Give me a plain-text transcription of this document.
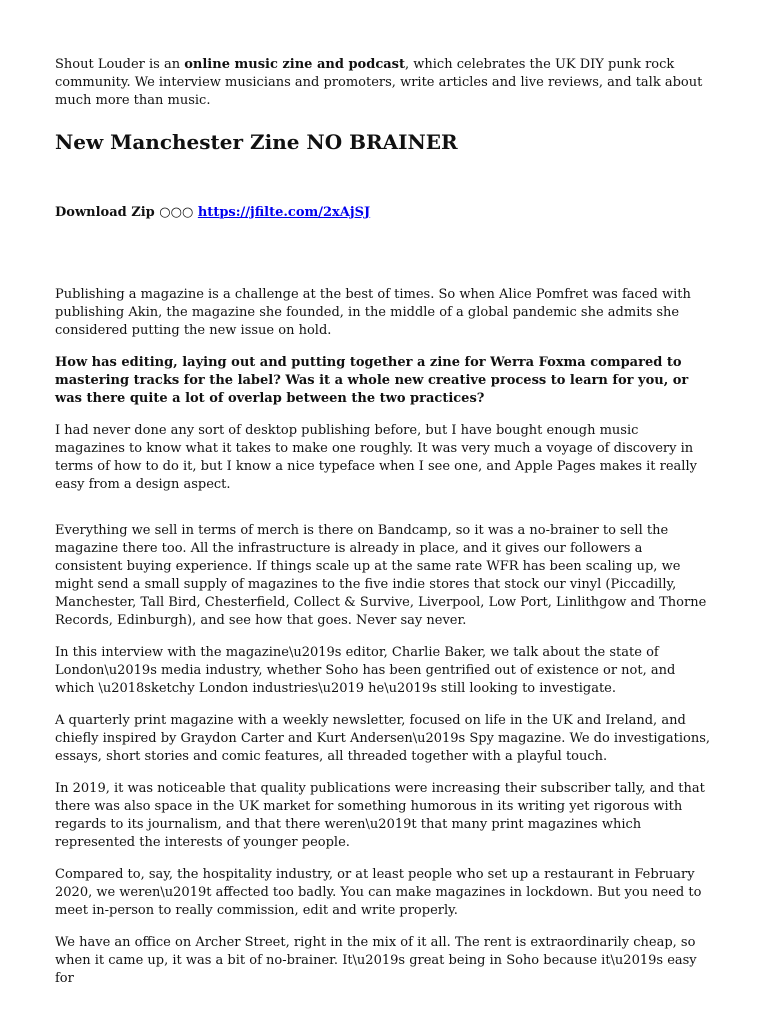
Shout Louder is an online music zine and podcast, which celebrates the UK DIY punk rock community. We interview musicians and promoters, write articles and live reviews, and talk about much more than music.

New Manchester Zine NO BRAINER

Download Zip ○○○ https://jfilte.com/2xAjSJ

Publishing a magazine is a challenge at the best of times. So when Alice Pomfret was faced with publishing Akin, the magazine she founded, in the middle of a global pandemic she admits she considered putting the new issue on hold.

How has editing, laying out and putting together a zine for Werra Foxma compared to mastering tracks for the label? Was it a whole new creative process to learn for you, or was there quite a lot of overlap between the two practices?

I had never done any sort of desktop publishing before, but I have bought enough music magazines to know what it takes to make one roughly. It was very much a voyage of discovery in terms of how to do it, but I know a nice typeface when I see one, and Apple Pages makes it really easy from a design aspect.

Everything we sell in terms of merch is there on Bandcamp, so it was a no-brainer to sell the magazine there too. All the infrastructure is already in place, and it gives our followers a consistent buying experience. If things scale up at the same rate WFR has been scaling up, we might send a small supply of magazines to the five indie stores that stock our vinyl (Piccadilly, Manchester, Tall Bird, Chesterfield, Collect & Survive, Liverpool, Low Port, Linlithgow and Thorne Records, Edinburgh), and see how that goes. Never say never.

In this interview with the magazine\u2019s editor, Charlie Baker, we talk about the state of London\u2019s media industry, whether Soho has been gentrified out of existence or not, and which \u2018sketchy London industries\u2019 he\u2019s still looking to investigate.

A quarterly print magazine with a weekly newsletter, focused on life in the UK and Ireland, and chiefly inspired by Graydon Carter and Kurt Andersen\u2019s Spy magazine. We do investigations, essays, short stories and comic features, all threaded together with a playful touch.

In 2019, it was noticeable that quality publications were increasing their subscriber tally, and that there was also space in the UK market for something humorous in its writing yet rigorous with regards to its journalism, and that there weren\u2019t that many print magazines which represented the interests of younger people.

Compared to, say, the hospitality industry, or at least people who set up a restaurant in February 2020, we weren\u2019t affected too badly. You can make magazines in lockdown. But you need to meet in-person to really commission, edit and write properly.

We have an office on Archer Street, right in the mix of it all. The rent is extraordinarily cheap, so when it came up, it was a bit of no-brainer. It\u2019s great being in Soho because it\u2019s easy for
